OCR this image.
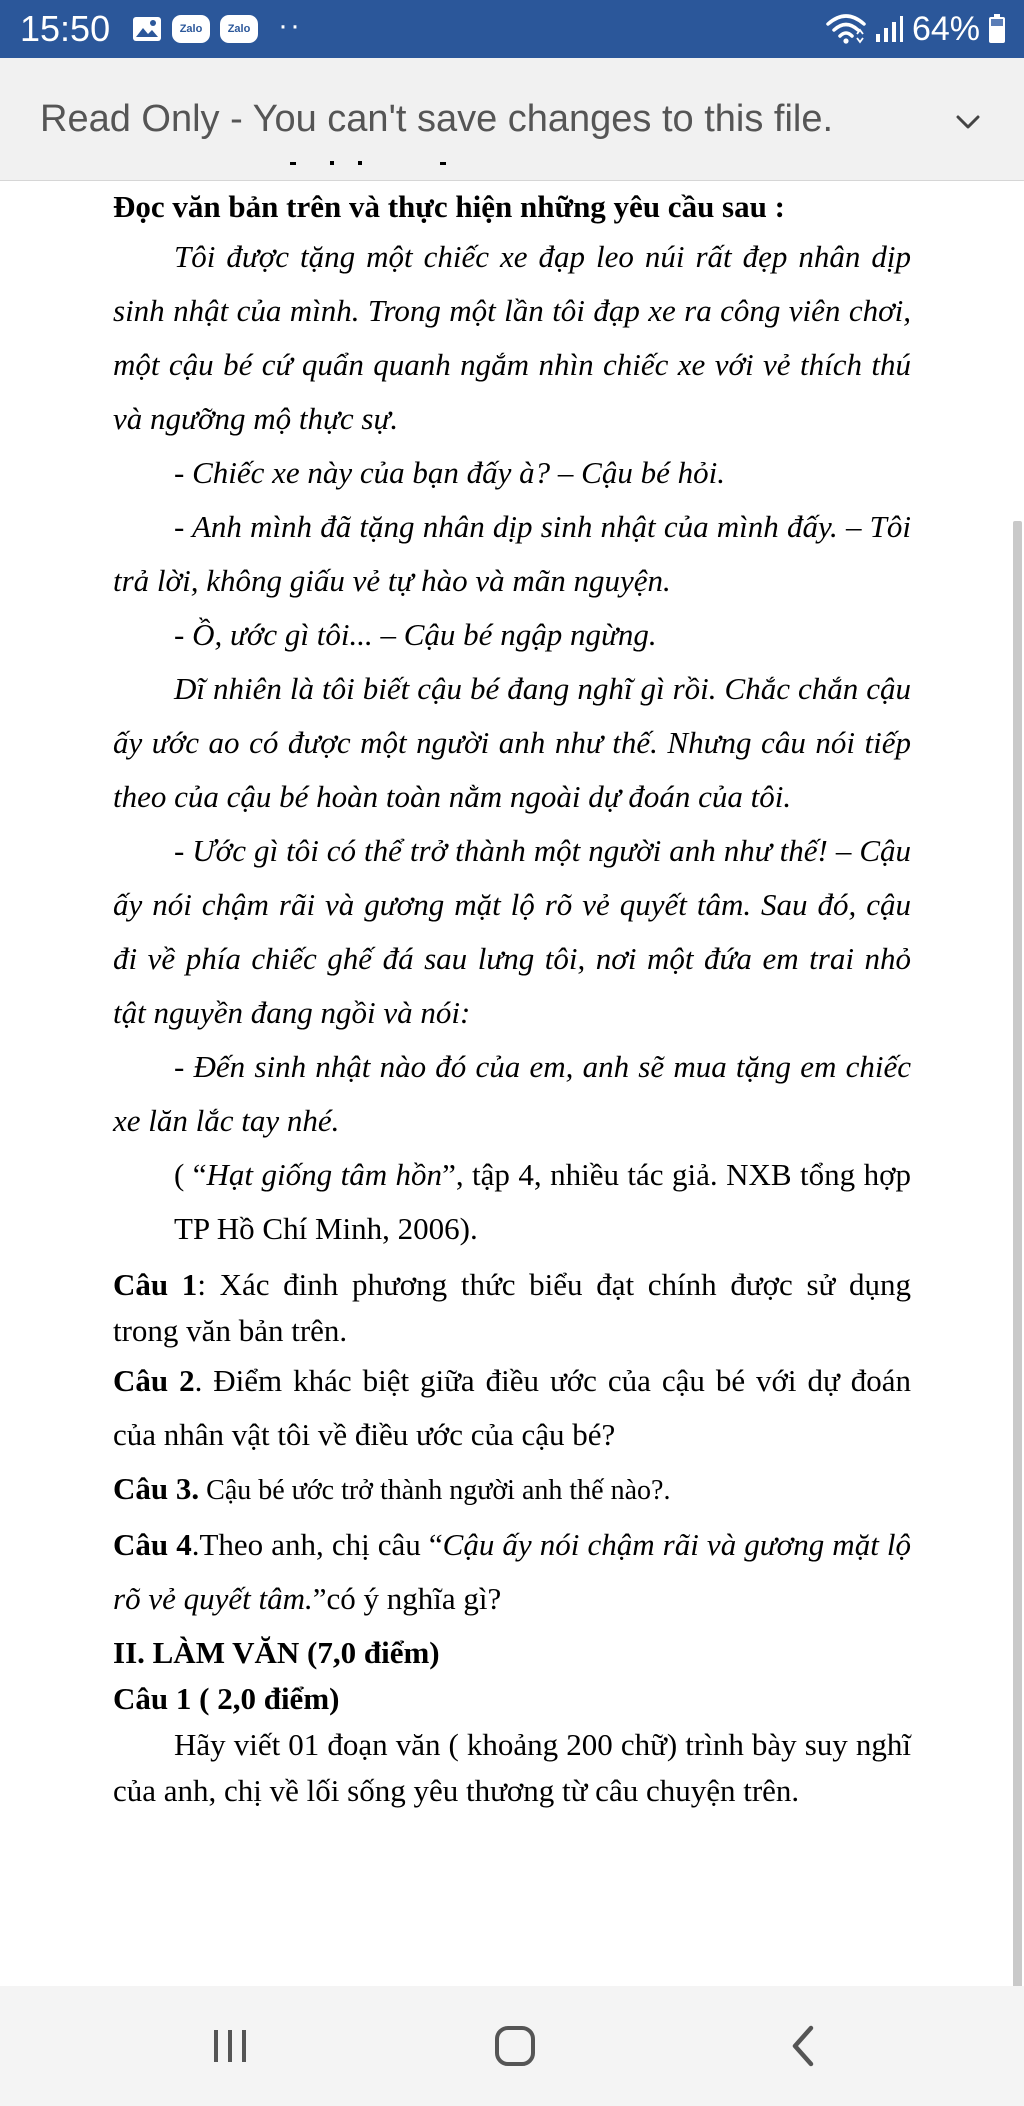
15:50	Zalo	Zalo ··	64%
Read Only - You can't save changes to this file.

Đọc văn bản trên và thực hiện những yêu cầu sau :

Tôi được tặng một chiếc xe đạp leo núi rất đẹp nhân dịp sinh nhật của mình. Trong một lần tôi đạp xe ra công viên chơi, một cậu bé cứ quẩn quanh ngắm nhìn chiếc xe với vẻ thích thú và ngưỡng mộ thực sự.

- Chiếc xe này của bạn đấy à? – Cậu bé hỏi.

- Anh mình đã tặng nhân dịp sinh nhật của mình đấy. – Tôi trả lời, không giấu vẻ tự hào và mãn nguyện.

- Ồ, ước gì tôi... – Cậu bé ngập ngừng.

Dĩ nhiên là tôi biết cậu bé đang nghĩ gì rồi. Chắc chắn cậu ấy ước ao có được một người anh như thế. Nhưng câu nói tiếp theo của cậu bé hoàn toàn nằm ngoài dự đoán của tôi.

- Ước gì tôi có thể trở thành một người anh như thế! – Cậu ấy nói chậm rãi và gương mặt lộ rõ vẻ quyết tâm. Sau đó, cậu đi về phía chiếc ghế đá sau lưng tôi, nơi một đứa em trai nhỏ tật nguyền đang ngồi và nói:

- Đến sinh nhật nào đó của em, anh sẽ mua tặng em chiếc xe lăn lắc tay nhé.

( “Hạt giống tâm hồn”, tập 4, nhiều tác giả. NXB tổng hợp TP Hồ Chí Minh, 2006).

Câu 1: Xác đinh phương thức biểu đạt chính được sử dụng trong văn bản trên.

Câu 2. Điểm khác biệt giữa điều ước của cậu bé với dự đoán của nhân vật tôi về điều ước của cậu bé?

Câu 3. Cậu bé ước trở thành người anh thế nào?.

Câu 4.Theo anh, chị câu “Cậu ấy nói chậm rãi và gương mặt lộ rõ vẻ quyết tâm.”có ý nghĩa gì?

II. LÀM VĂN (7,0 điểm)

Câu 1 ( 2,0 điểm)

Hãy viết 01 đoạn văn ( khoảng 200 chữ) trình bày suy nghĩ của anh, chị về lối sống yêu thương từ câu chuyện trên.
